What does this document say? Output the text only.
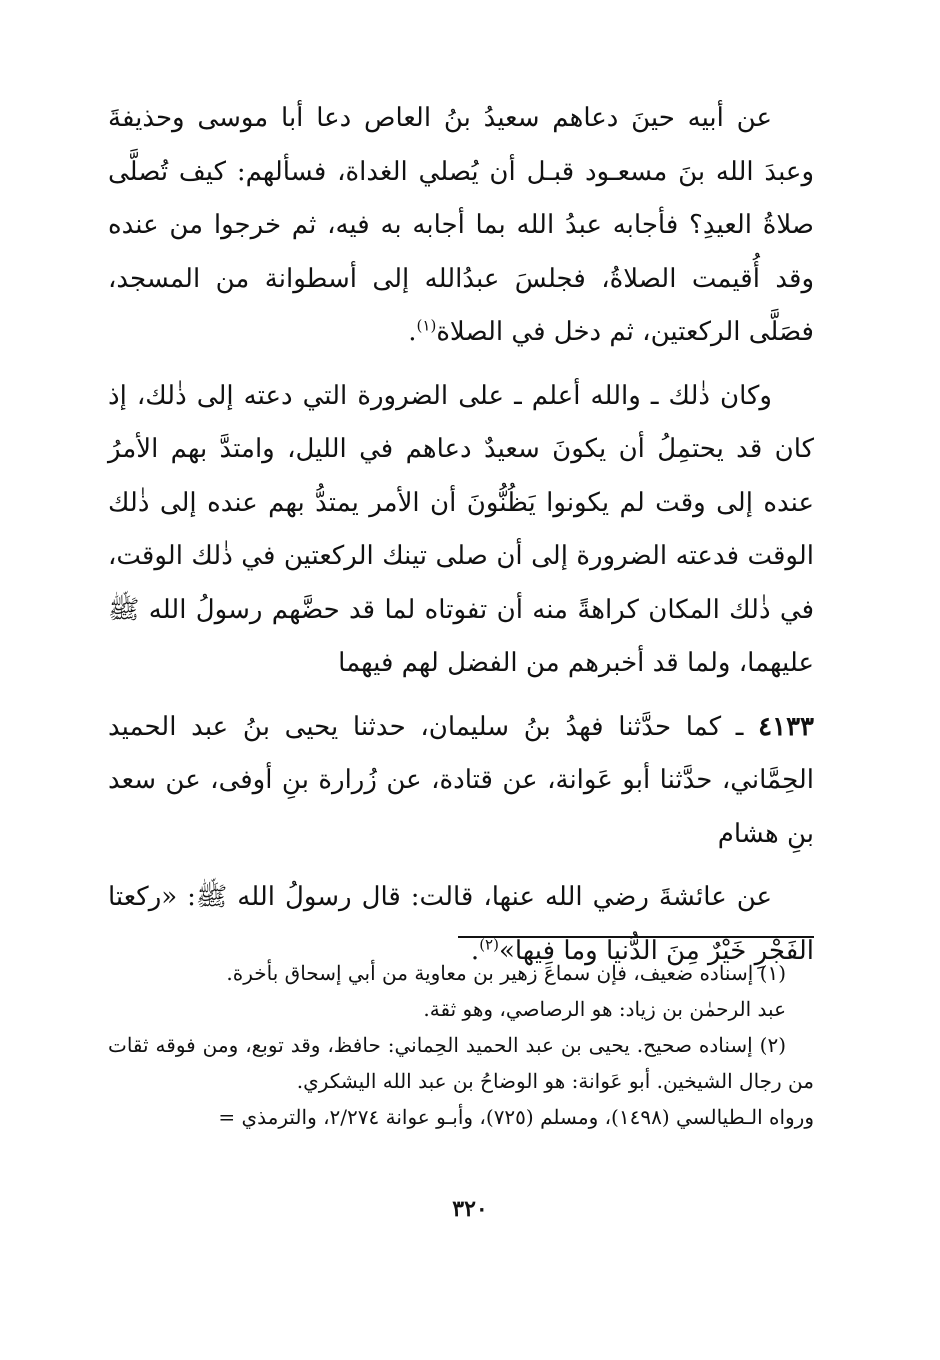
عن أبيه حينَ دعاهم سعيدُ بنُ العاص دعا أبا موسى وحذيفةَ وعبدَ الله بنَ مسعـود قبـل أن يُصلي الغداة، فسألهم: كيف تُصلَّى صلاةُ العيدِ؟ فأجابه عبدُ الله بما أجابه به فيه، ثم خرجوا من عنده وقد أُقيمت الصلاةُ، فجلسَ عبدُالله إلى أسطوانة من المسجد، فصَلَّى الركعتين، ثم دخل في الصلاة$^{(١)}$.

وكان ذٰلك ـ والله أعلم ـ على الضرورة التي دعته إلى ذٰلك، إذ كان قد يحتمِلُ أن يكونَ سعيدٌ دعاهم في الليل، وامتدَّ بهم الأمرُ عنده إلى وقت لم يكونوا يَظُنُّونَ أن الأمر يمتدُّ بهم عنده إلى ذٰلك الوقت فدعته الضرورة إلى أن صلى تينك الركعتين في ذٰلك الوقت، في ذٰلك المكان كراهةً منه أن تفوتاه لما قد حضَّهم رسولُ الله ﷺ عليهما، ولما قد أخبرهم من الفضل لهم فيهما

٤١٣٣ ـ كما حدَّثنا فهدُ بنُ سليمان، حدثنا يحيى بنُ عبد الحميد الحِمَّاني، حدَّثنا أبو عَوانة، عن قتادة، عن زُرارة بنِ أوفى، عن سعد بنِ هشام

عن عائشةَ رضي الله عنها، قالت: قال رسولُ الله ﷺ: «ركعتا الفَجْرِ خَيْرٌ مِنَ الدُّنيا وما فِيها»$^{(٢)}$.

(١) إسناده ضعيف، فإن سماعَ زهير بن معاوية من أبي إسحاق بأخرة.

عبد الرحمٰن بن زياد: هو الرصاصي، وهو ثقة.

(٢) إسناده صحيح. يحيى بن عبد الحميد الحِماني: حافظ، وقد توبع، ومن فوقه ثقات من رجال الشيخين. أبو عَوانة: هو الوضاحُ بن عبد الله اليشكري.

ورواه الـطيالسي (١٤٩٨)، ومسلم (٧٢٥)، وأبـو عوانة ٢/٢٧٤، والترمذي =

٣٢٠
